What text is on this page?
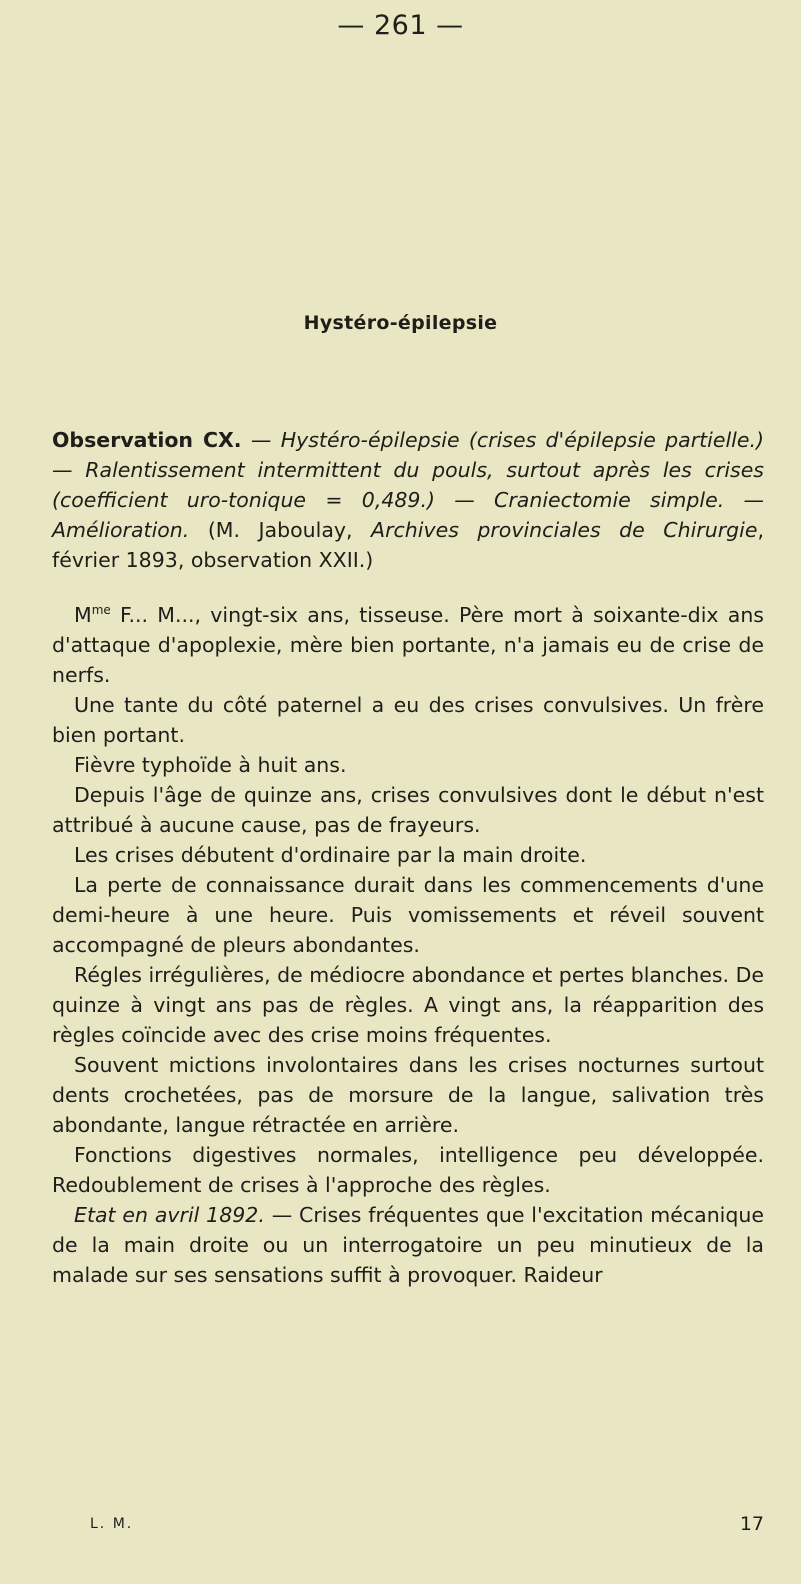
— 261 —
Hystéro-épilepsie

Observation CX. — Hystéro-épilepsie (crises d'épilepsie partielle.) — Ralentissement intermittent du pouls, surtout après les crises (coefficient uro-tonique = 0,489.) — Craniectomie simple. — Amélioration. (M. Jaboulay, Archives provinciales de Chirurgie, février 1893, observation XXII.)

$M^{me}$ F... M..., vingt-six ans, tisseuse. Père mort à soixante-dix ans d'attaque d'apoplexie, mère bien portante, n'a jamais eu de crise de nerfs.

Une tante du côté paternel a eu des crises convulsives. Un frère bien portant.

Fièvre typhoïde à huit ans.

Depuis l'âge de quinze ans, crises convulsives dont le début n'est attribué à aucune cause, pas de frayeurs.

Les crises débutent d'ordinaire par la main droite.

La perte de connaissance durait dans les commencements d'une demi-heure à une heure. Puis vomissements et réveil souvent accompagné de pleurs abondantes.

Régles irrégulières, de médiocre abondance et pertes blanches. De quinze à vingt ans pas de règles. A vingt ans, la réapparition des règles coïncide avec des crise moins fréquentes.

Souvent mictions involontaires dans les crises nocturnes surtout dents crochetées, pas de morsure de la langue, salivation très abondante, langue rétractée en arrière.

Fonctions digestives normales, intelligence peu développée. Redoublement de crises à l'approche des règles.

Etat en avril 1892. — Crises fréquentes que l'excitation mécanique de la main droite ou un interrogatoire un peu minutieux de la malade sur ses sensations suffit à provoquer. Raideur

L. M.	17
